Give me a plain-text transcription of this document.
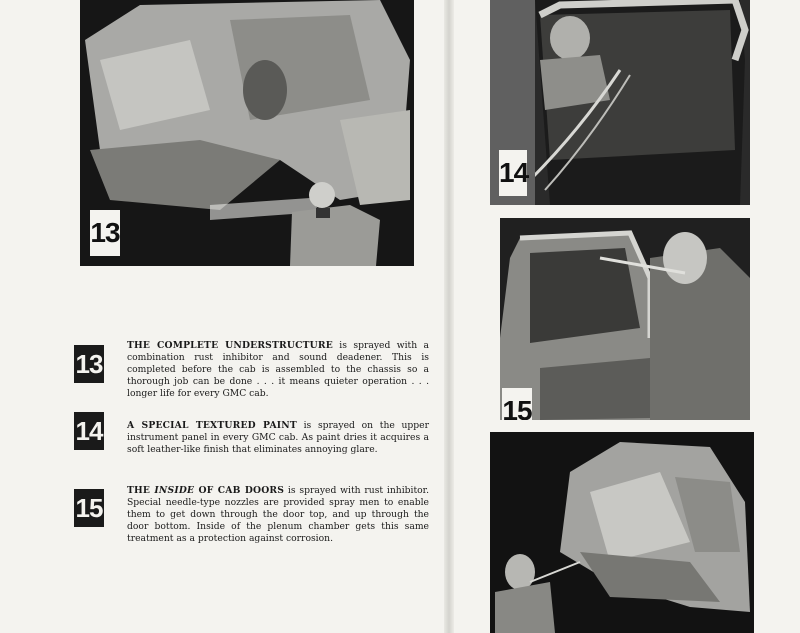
13
14
15
13
THE COMPLETE UNDERSTRUCTURE is sprayed with a combination rust inhibitor and sound deadener. This is completed before the cab is assembled to the chassis so a thorough job can be done . . . it means quieter operation . . . longer life for every GMC cab.
14	A SPECIAL TEXTURED PAINT is sprayed on the upper instrument panel in every GMC cab. As paint dries it acquires a soft leather-like finish that eliminates annoying glare.
15
THE INSIDE OF CAB DOORS is sprayed with rust inhibitor. Special needle-type nozzles are provided spray men to enable them to get down through the door top, and up through the door bottom. Inside of the plenum chamber gets this same treatment as a protection against corrosion.
